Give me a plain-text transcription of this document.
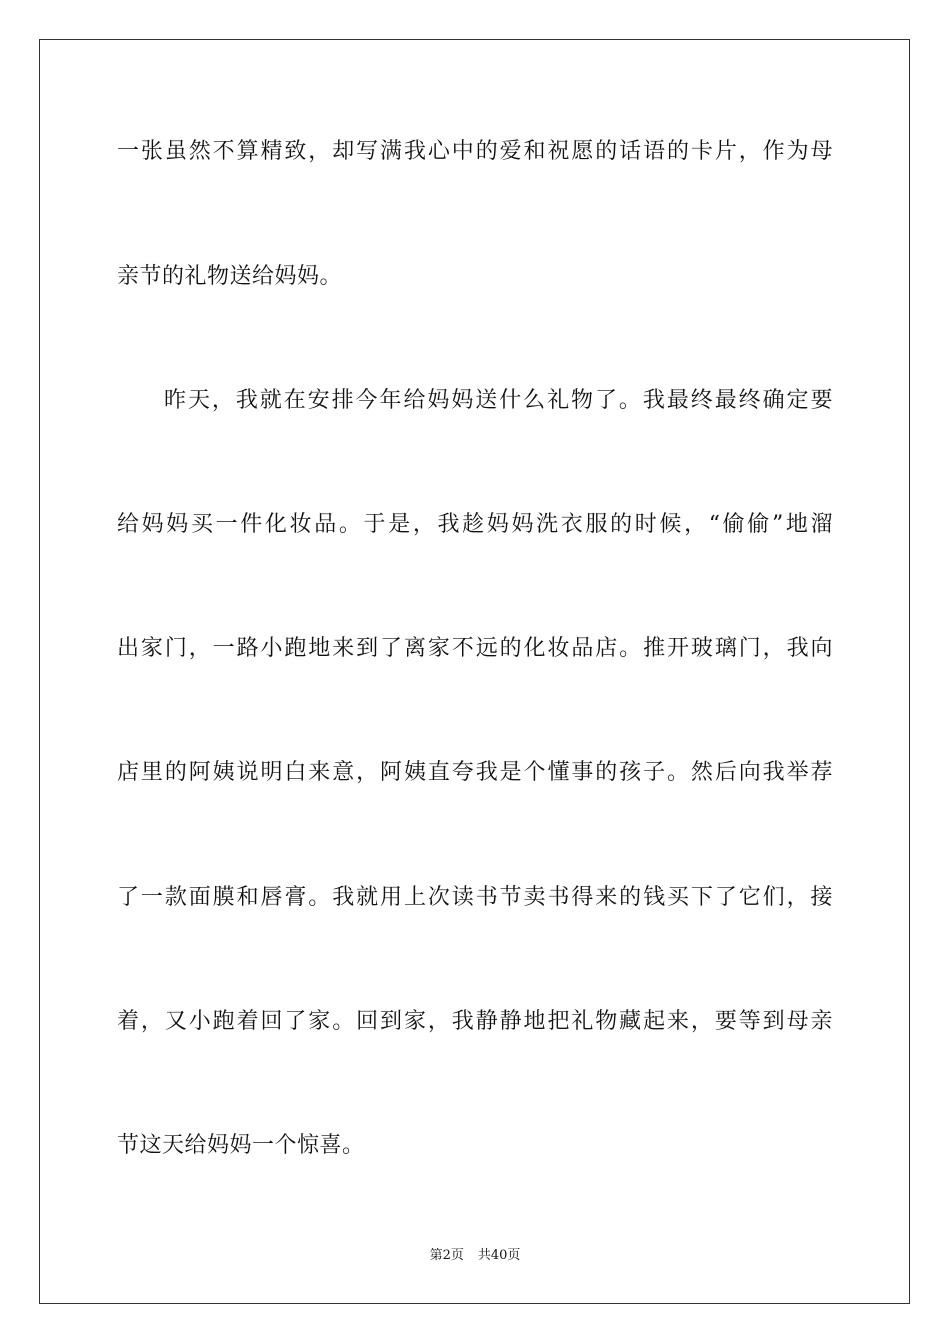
一张虽然不算精致，却写满我心中的爱和祝愿的话语的卡片，作为母
亲节的礼物送给妈妈。
昨天，我就在安排今年给妈妈送什么礼物了。我最终最终确定要
给妈妈买一件化妆品。于是，我趁妈妈洗衣服的时候，“偷偷”地溜
出家门，一路小跑地来到了离家不远的化妆品店。推开玻璃门，我向
店里的阿姨说明白来意，阿姨直夸我是个懂事的孩子。然后向我举荐
了一款面膜和唇膏。我就用上次读书节卖书得来的钱买下了它们，接
着，又小跑着回了家。回到家，我静静地把礼物藏起来，要等到母亲
节这天给妈妈一个惊喜。
第2页 共40页
